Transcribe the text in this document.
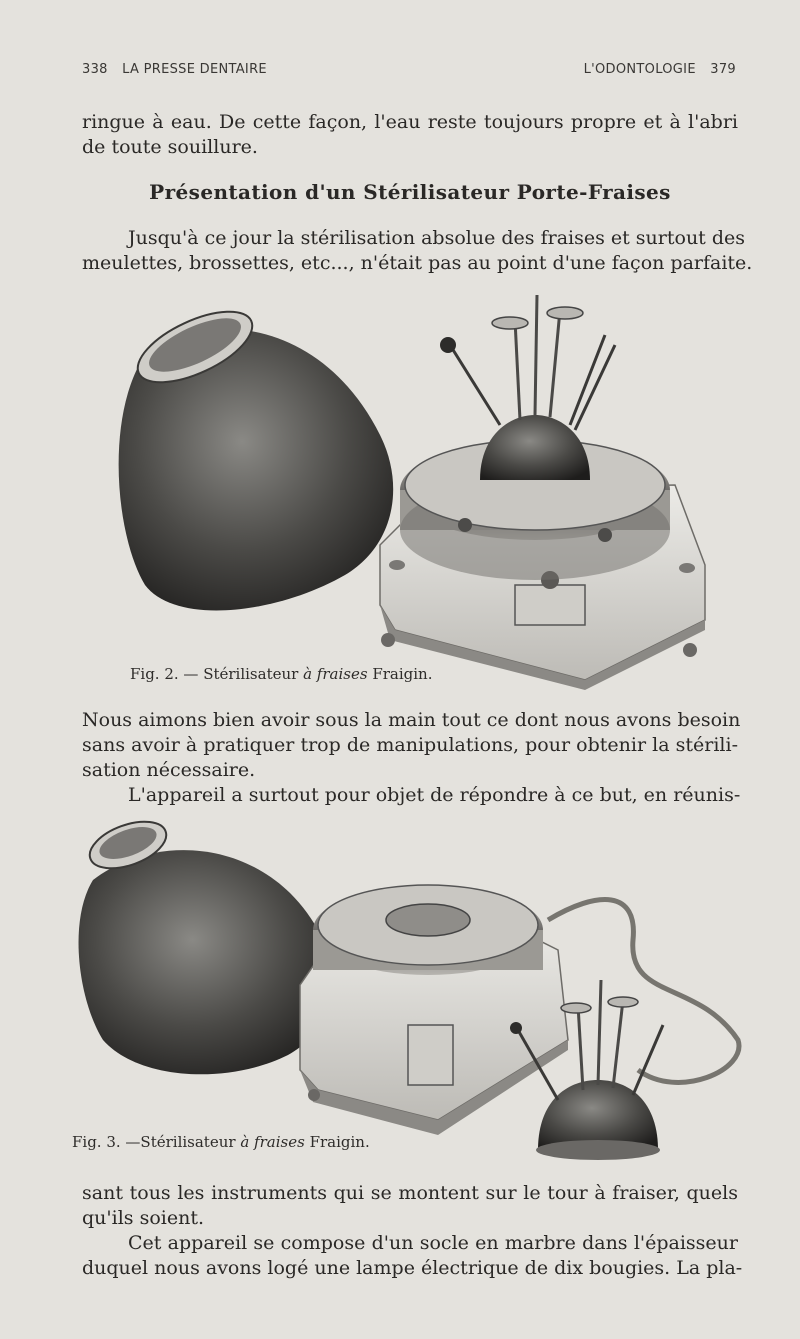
338 LA PRESSE DENTAIRE	L'ODONTOLOGIE 379
ringue à eau. De cette façon, l'eau reste toujours propre et à l'abri
de toute souillure.
Présentation d'un Stérilisateur Porte-Fraises
Jusqu'à ce jour la stérilisation absolue des fraises et surtout des
meulettes, brossettes, etc..., n'était pas au point d'une façon parfaite.
Fig. 2. — Stérilisateur à fraises Fraigin.
Nous aimons bien avoir sous la main tout ce dont nous avons besoin
sans avoir à pratiquer trop de manipulations, pour obtenir la stérili-
sation nécessaire.
L'appareil a surtout pour objet de répondre à ce but, en réunis-
Fig. 3. —Stérilisateur à fraises Fraigin.
sant tous les instruments qui se montent sur le tour à fraiser, quels
qu'ils soient.
Cet appareil se compose d'un socle en marbre dans l'épaisseur
duquel nous avons logé une lampe électrique de dix bougies. La pla-
